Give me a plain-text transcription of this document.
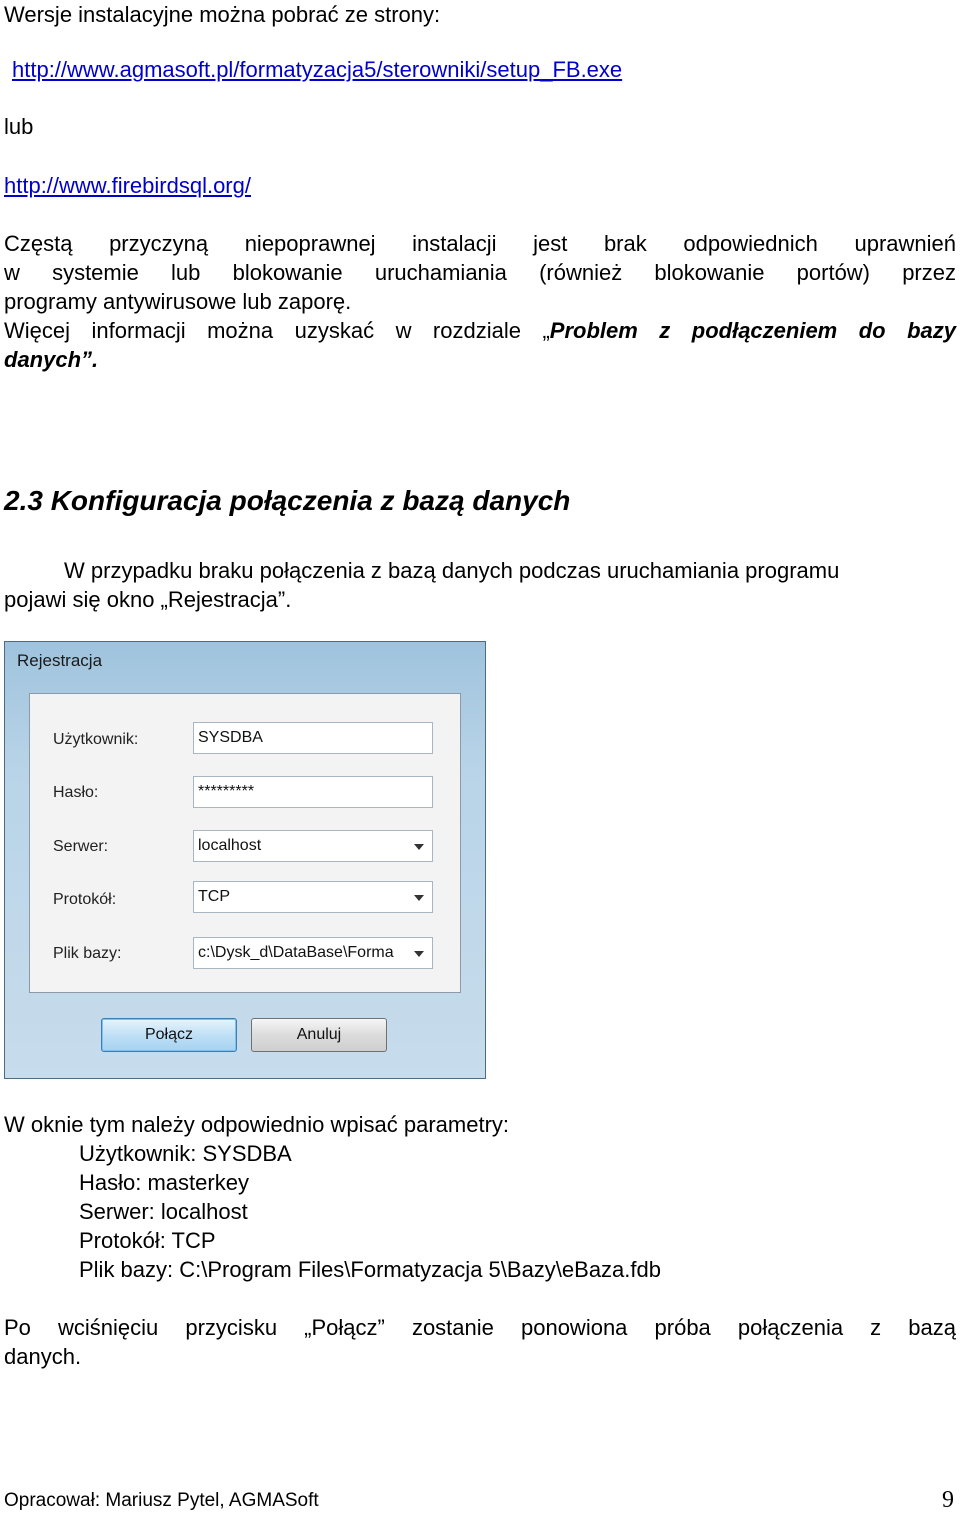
Wersje instalacyjne można pobrać ze strony:
http://www.agmasoft.pl/formatyzacja5/sterowniki/setup_FB.exe
lub
http://www.firebirdsql.org/
Częstą przyczyną niepoprawnej instalacji jest brak odpowiednich uprawnień
w systemie lub blokowanie uruchamiania (również blokowanie portów) przez
programy antywirusowe lub zaporę.
Więcej informacji można uzyskać w rozdziale „Problem z podłączeniem do bazy
danych”.
2.3 Konfiguracja połączenia z bazą danych
W przypadku braku połączenia z bazą danych podczas uruchamiania programu
pojawi się okno „Rejestracja”.
Rejestracja
Użytkownik:	SYSDBA
Hasło:	*********
Serwer:	localhost
Protokół:	TCP
Plik bazy:	c:\Dysk_d\DataBase\Forma
Połącz	Anuluj
W oknie tym należy odpowiednio wpisać parametry:
Użytkownik: SYSDBA
Hasło: masterkey
Serwer: localhost
Protokół: TCP
Plik bazy: C:\Program Files\Formatyzacja 5\Bazy\eBaza.fdb
Po wciśnięciu przycisku „Połącz” zostanie ponowiona próba połączenia z bazą
danych.
Opracował: Mariusz Pytel, AGMASoft	9
